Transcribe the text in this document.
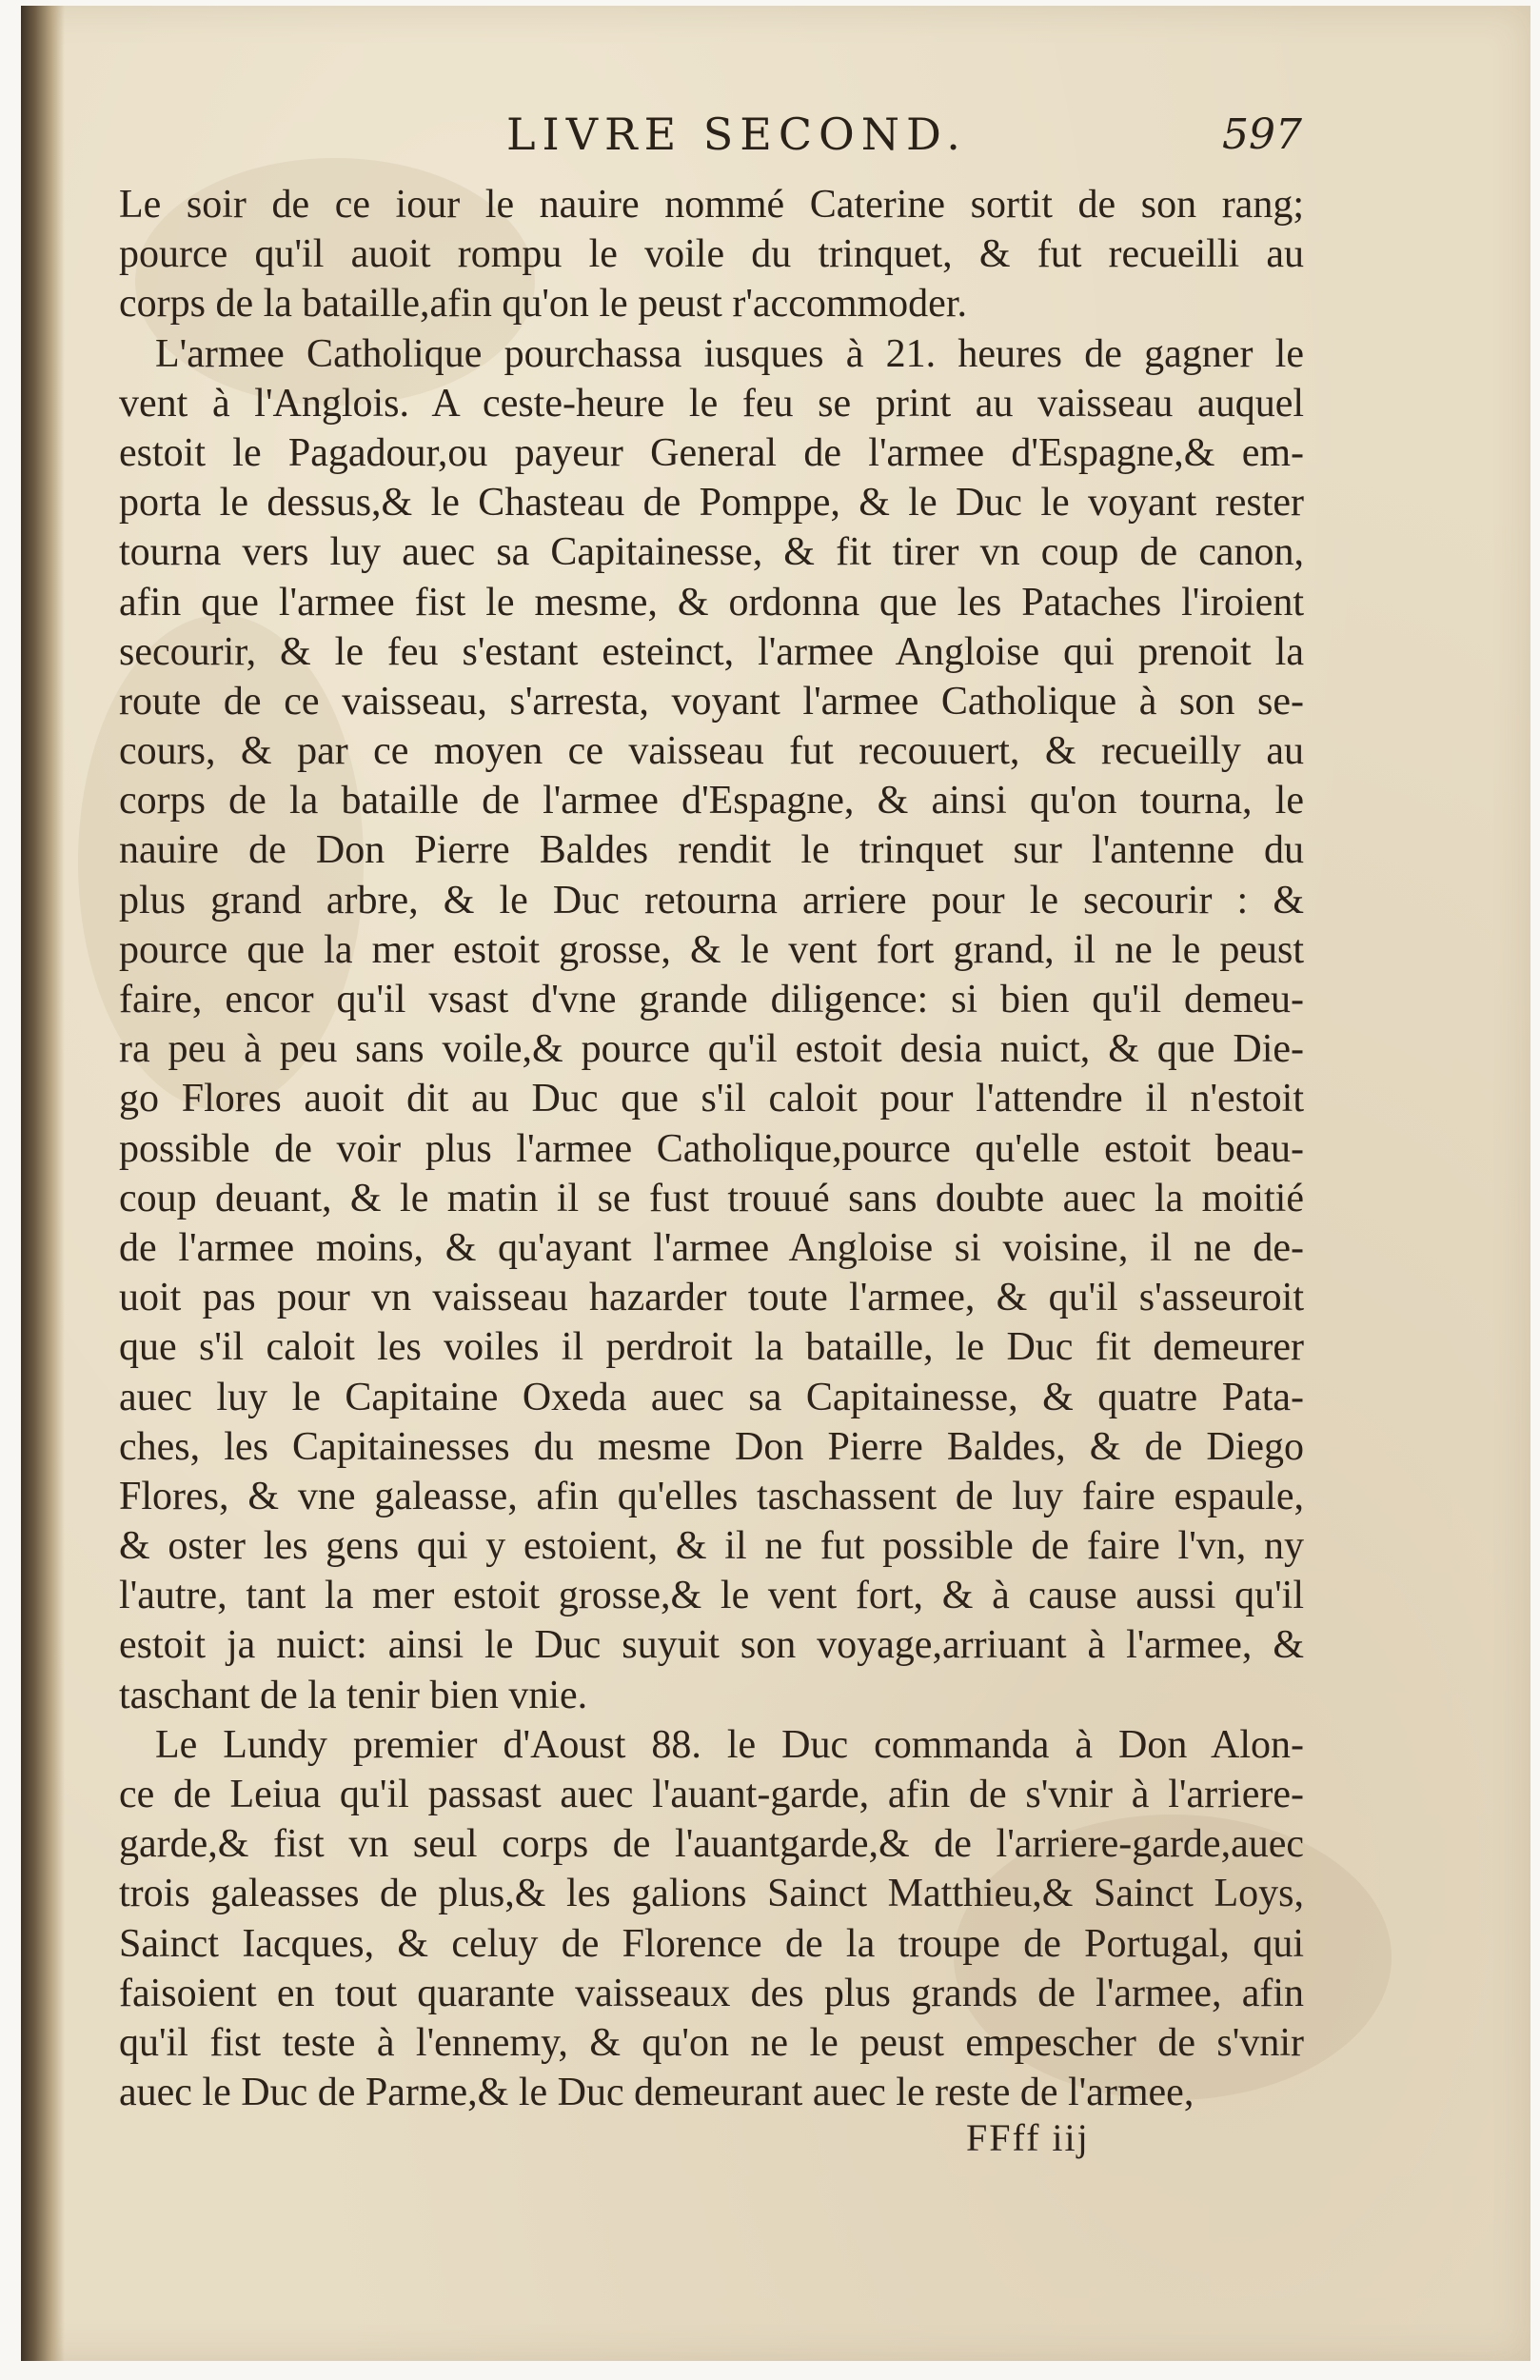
LIVRE SECOND.	597
Le soir de ce iour le nauire nommé Caterine sortit de son rang;
pource qu'il auoit rompu le voile du trinquet, & fut recueilli au
corps de la bataille,afin qu'on le peust r'accommoder.
L'armee Catholique pourchassa iusques à 21. heures de gagner le
vent à l'Anglois. A ceste-heure le feu se print au vaisseau auquel
estoit le Pagadour,ou payeur General de l'armee d'Espagne,& em-
porta le dessus,& le Chasteau de Pomppe, & le Duc le voyant rester
tourna vers luy auec sa Capitainesse, & fit tirer vn coup de canon,
afin que l'armee fist le mesme, & ordonna que les Pataches l'iroient
secourir, & le feu s'estant esteinct, l'armee Angloise qui prenoit la
route de ce vaisseau, s'arresta, voyant l'armee Catholique à son se-
cours, & par ce moyen ce vaisseau fut recouuert, & recueilly au
corps de la bataille de l'armee d'Espagne, & ainsi qu'on tourna, le
nauire de Don Pierre Baldes rendit le trinquet sur l'antenne du
plus grand arbre, & le Duc retourna arriere pour le secourir : &
pource que la mer estoit grosse, & le vent fort grand, il ne le peust
faire, encor qu'il vsast d'vne grande diligence: si bien qu'il demeu-
ra peu à peu sans voile,& pource qu'il estoit desia nuict, & que Die-
go Flores auoit dit au Duc que s'il caloit pour l'attendre il n'estoit
possible de voir plus l'armee Catholique,pource qu'elle estoit beau-
coup deuant, & le matin il se fust trouué sans doubte auec la moitié
de l'armee moins, & qu'ayant l'armee Angloise si voisine, il ne de-
uoit pas pour vn vaisseau hazarder toute l'armee, & qu'il s'asseuroit
que s'il caloit les voiles il perdroit la bataille, le Duc fit demeurer
auec luy le Capitaine Oxeda auec sa Capitainesse, & quatre Pata-
ches, les Capitainesses du mesme Don Pierre Baldes, & de Diego
Flores, & vne galeasse, afin qu'elles taschassent de luy faire espaule,
& oster les gens qui y estoient, & il ne fut possible de faire l'vn, ny
l'autre, tant la mer estoit grosse,& le vent fort, & à cause aussi qu'il
estoit ja nuict: ainsi le Duc suyuit son voyage,arriuant à l'armee, &
taschant de la tenir bien vnie.
Le Lundy premier d'Aoust 88. le Duc commanda à Don Alon-
ce de Leiua qu'il passast auec l'auant-garde, afin de s'vnir à l'arriere-
garde,& fist vn seul corps de l'auantgarde,& de l'arriere-garde,auec
trois galeasses de plus,& les galions Sainct Matthieu,& Sainct Loys,
Sainct Iacques, & celuy de Florence de la troupe de Portugal, qui
faisoient en tout quarante vaisseaux des plus grands de l'armee, afin
qu'il fist teste à l'ennemy, & qu'on ne le peust empescher de s'vnir
auec le Duc de Parme,& le Duc demeurant auec le reste de l'armee,
FFff iij
